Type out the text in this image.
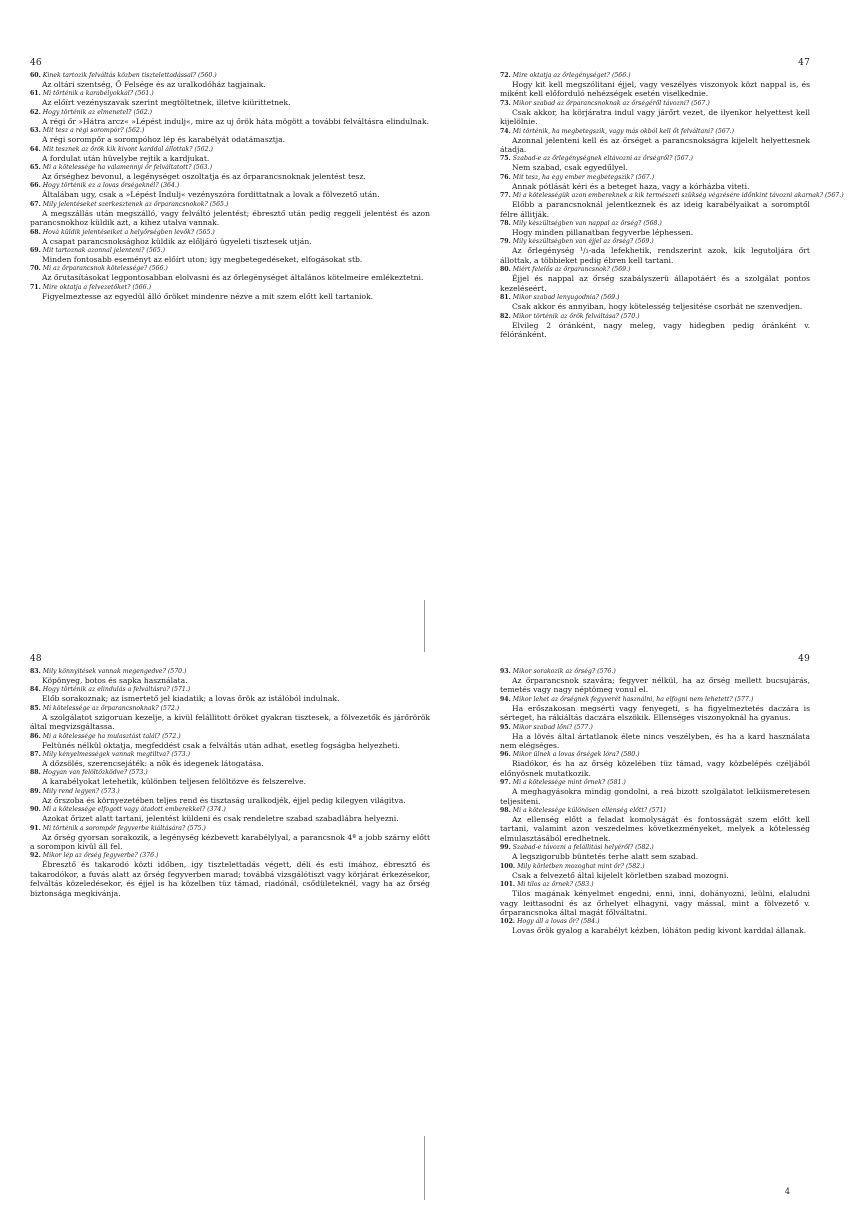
46
60. Kinek tartozik felváltás közben tisztelettadással? (560.)
Az oltári szentség, Ő Felsége és az uralkodóház tagjainak.
61. Mi történik a karabélyokkal? (561.)
Az előírt vezényszavak szerint megtöltetnek, illetve kiürittetnek.
62. Hogy történik az elmenetel? (562.)
A régi őr »Hátra arcz« »Lépést indulj«, mire az uj őrök háta mögött a további felváltásra elindulnak.
63. Mit tesz a régi sorompór? (562.)
A régi sorompőr a sorompóhoz lép és karabélyát odatámasztja.
64. Mit tesznek az őrök kik kivont karddal állottak? (562.)
A fordulat után hüvelybe rejtik a kardjukat.
65. Mi a kötelessége ha valamennyi őr felváltatott? (563.)
Az őrséghez bevonul, a legénységet oszoltatja és az őrparancsnoknak jelentést tesz.
66. Hogy történik ez a lovas őrségeknél? (364.)
Általában ugy, csak a »Lépést Indulj« vezényszóra fordittatnak a lovak a fölvezető után.
67. Mily jelentéseket szerkesztenek az őrparancsnokok? (565.)
A megszállás után megszálló, vagy felváltó jelentést; ébresztő után pedig reggeli jelentést és azon parancsnokhoz küldik azt, a kihez utalva vannak.
68. Hová küldik jelentéseiket a helyőrségben levők? (565.)
A csapat parancsnoksághoz küldik az előljáró ügyeleti tisztesek utján.
69. Mit tartoznak azonnal jelenteni? (565.)
Minden fontosabb eseményt az előírt uton; igy megbetegedéseket, elfogásokat stb.
70. Mi az őrparancsnok kötelessége? (566.)
Az őrutasításokat legpontosabban elolvasni és az őrlegénységet általános kötelmeire emlékeztetni.
71. Mire oktatja a felvezetőket? (566.)
Figyelmeztesse az egyedül álló őröket mindenre nézve a mit szem előtt kell tartaniok.
47
72. Mire oktatja az őrlegénységet? (566.)
Hogy kit kell megszólitani éjjel, vagy veszélyes viszonyok közt nappal is, és miként kell előforduló nehézségek esetén viselkednie.
73. Mikor szabad az őrparancsnoknak az őrségéről távozni? (567.)
Csak akkor, ha körjáratra indul vagy járőrt vezet, de ilyenkor helyettest kell kijelölnie.
74. Mi történik, ha megbetegszik, vagy más okból kell őt felváltani? (567.)
Azonnal jelenteni kell és az őrséget a parancsnokságra kijelelt helyettesnek átadja.
75. Szabad-e az őrlegénységnek eltávozni az őrségről? (567.)
Nem szabad, csak egyedűlyel.
76. Mit tesz, ha egy ember megbetegszik? (567.)
Annak pótlását kéri és a beteget haza, vagy a kórházba viteti.
77. Mi a kötelességük azon embereknek a kik természeti szükség végzésére időnkint távozni akarnak? (567.)
Előbb a parancsnoknál jelentkeznek és az ideig karabélyaikat a soromptől félre állitják.
78. Mily készültségben van nappal az őrség? (568.)
Hogy minden pillanatban fegyverbe léphessen.
79. Mily készültségben van éjjel az őrség? (569.)
Az őrlegénység ¹/₃-ada lefekhetik, rendszerint azok, kik legutoljára őrt állottak, a többieket pedig ébren kell tartani.
80. Miért felelős az őrparancsnok? (569.)
Éjjel és nappal az őrség szabályszerü állapotáért és a szolgálat pontos kezeléseért.
81. Mikor szabad lenyugodnia? (569.)
Csak akkor és annyiban, hogy kötelesség teljesitése csorbát ne szenvedjen.
82. Mikor történik az őrök felváltása? (570.)
Elvileg 2 óránként, nagy meleg, vagy hidegben pedig óránként v. félóránként.
48
83. Mily könnyitések vannak megengedve? (570.)
Köpönyeg, botos és sapka használata.
84. Hogy történik az elindulás a felváltásra? (571.)
Előb sorakoznak; az ismertető jel kiadatik; a lovas őrök az istálóból indulnak.
85. Mi kötelessége az őrparancsnoknak? (572.)
A szolgálatot szigoruan kezelje, a kivül felállitott őröket gyakran tisztesek, a fölvezetők és járőrörök által megvizsgáltassa.
86. Mi a kötelessége ha mulasztást talál? (572.)
Feltünés nélkül oktatja, megfeddést csak a felváltás után adhat, esetleg fogságba helyezheti.
87. Mily kényelmességek vannak megtiltva? (573.)
A dőzsölés, szerencsejáték: a nők és idegenek látogatása.
88. Hogyan van felöltözködve? (573.)
A karabélyokat letehetik, különben teljesen felöltözve és felszerelve.
89. Mily rend legyen? (573.)
Az őrszoba és környezetében teljes rend és tisztaság uralkodjék, éjjel pedig kilegyen világitva.
90. Mi a kötelessége elfogott vagy átadott emberekkel? (374.)
Azokat őrizet alatt tartani, jelentést küldeni és csak rendeletre szabad szabadlábra helyezni.
91. Mi történik a sorompőr fegyverbe kiáltására? (575.)
Az őrség gyorsan sorakozik, a legénység kézbevett karabélylyal, a parancsnok 4ª a jobb szárny előtt a sorompon kivül áll fel.
92. Mikor lép az őrség fegyverbe? (376.)
Ébresztő és takarodó közti időben, igy tisztelettadás végett, déli és esti imához, ébresztő és takarodókor, a fuvás alatt az őrség fegyverben marad; továbbá vizsgálótiszt vagy körjárat érkezésekor, felváltás közeledésekor, és éjjel is ha közelben tüz támad, riadónál, csődületeknél, vagy ha az őrség biztonsága megkivánja.
49
93. Mikor sorakozik az őrség? (576.)
Az őrparancsnok szavára; fegyver nélkül, ha az őrség mellett bucsujárás, temetés vagy nagy néptömeg vonul el.
94. Mikor lehet az őrségnek fegyverét használni, ha elfogni nem lehetett? (577.)
Ha erőszakosan megsérti vagy fenyegeti, s ha figyelmeztetés daczára is sérteget, ha rákiáltás daczára elszökik. Ellenséges viszonyoknál ha gyanus.
95. Mikor szabad lőni? (577.)
Ha a lövés által ártatlanok élete nincs veszélyben, és ha a kard használata nem elégséges.
96. Mikor ülnek a lovas őrségek lóra? (580.)
Riadókor, és ha az őrség közelében tüz támad, vagy közbelépés czéljából előnyösnek mutatkozik.
97. Mi a kötelessége mint őrnek? (581.)
A meghagyásokra mindig gondolni, a reá bizott szolgálatot lelkiismeretesen teljesiteni.
98. Mi a kötelessége különösen ellenség előtt? (571)
Az ellenség előtt a feladat komolyságát és fontosságát szem előtt kell tartani, valamint azon veszedelmes következményeket, melyek a kötelesség elmulasztásából eredhetnek.
99. Szabad-e távozni a felállitási helyéről? (582.)
A legszigorubb büntetés terhe alatt sem szabad.
100. Mily körletben mozoghat mint őr? (582.)
Csak a felvezető által kijelelt körletben szabad mozogni.
101. Mi tilos az őrnek? (583.)
Tilos magának kényelmet engedni, enni, inni, dohányozni, leülni, elaludni vagy leittasodni és az őrhelyet elhagyni, vagy mással, mint a fölvezető v. őrparancsnoka által magát főlváltatni.
102. Hogy áll a lovas őr? (584.)
Lovas őrök gyalog a karabélyt kézben, lóháton pedig kivont karddal állanak.
4
